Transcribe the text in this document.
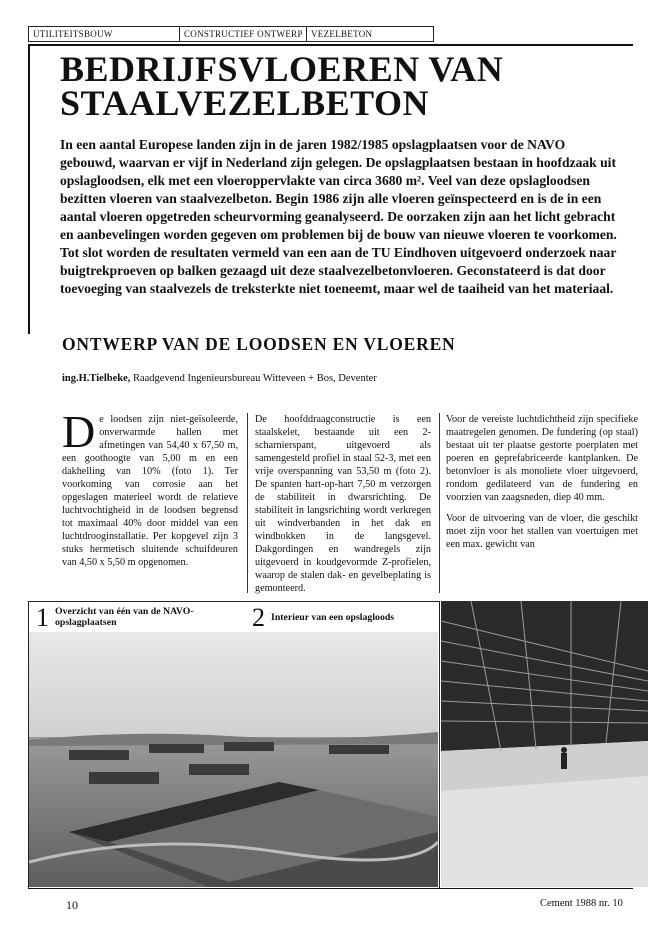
UTILITEITSBOUW	CONSTRUCTIEF ONTWERP VEZELBETON
BEDRIJFSVLOEREN VAN
STAALVEZELBETON
In een aantal Europese landen zijn in de jaren 1982/1985 opslagplaatsen voor de NAVO gebouwd, waarvan er vijf in Nederland zijn gelegen. De opslagplaatsen bestaan in hoofdzaak uit opslagloodsen, elk met een vloeroppervlakte van circa 3680 m². Veel van deze opslagloodsen bezitten vloeren van staalvezelbeton. Begin 1986 zijn alle vloeren geïnspecteerd en is de in een aantal vloeren opgetreden scheurvorming geanalyseerd. De oorzaken zijn aan het licht gebracht en aanbevelingen worden gegeven om problemen bij de bouw van nieuwe vloeren te voorkomen. Tot slot worden de resultaten vermeld van een aan de TU Eindhoven uitgevoerd onderzoek naar buigtrekproeven op balken gezaagd uit deze staalvezelbetonvloeren. Geconstateerd is dat door toevoeging van staalvezels de treksterkte niet toeneemt, maar wel de taaiheid van het materiaal.
ONTWERP VAN DE LOODSEN EN VLOEREN
ing.H.Tielbeke, Raadgevend Ingenieursbureau Witteveen + Bos, Deventer

De loodsen zijn niet-geïsoleerde, onverwarmde hallen met afmetingen van 54,40 x 67,50 m, een goothoogte van 5,00 m en een dakhelling van 10% (foto 1). Ter voorkoming van corrosie aan het opgeslagen materieel wordt de relatieve luchtvochtigheid in de loodsen begrensd tot maximaal 40% door middel van een luchtdrooginstallatie. Per kopgevel zijn 3 stuks hermetisch sluitende schuifdeuren van 4,50 x 5,50 m opgenomen.

De hoofddraagconstructie is een staalskelet, bestaande uit een 2-scharnierspant, uitgevoerd als samengesteld profiel in staal 52-3, met een vrije overspanning van 53,50 m (foto 2). De spanten hart-op-hart 7,50 m verzorgen de stabiliteit in dwarsrichting. De stabiliteit in langsrichting wordt verkregen uit windverbanden in het dak en windbokken in de langsgevel. Dakgordingen en wandregels zijn uitgevoerd in koudgevormde Z-profielen, waarop de stalen dak- en gevelbeplating is gemonteerd.

Voor de vereiste luchtdichtheid zijn specifieke maatregelen genomen. De fundering (op staal) bestaat uit ter plaatse gestorte poerplaten met poeren en geprefabriceerde kantplanken. De betonvloer is als monoliete vloer uitgevoerd, rondom gedilateerd van de fundering en voorzien van zaagsneden, diep 40 mm.

Voor de uitvoering van de vloer, die geschikt moet zijn voor het stallen van voertuigen met een max. gewicht van

1 Overzicht van één van de NAVO-opslagplaatsen	2 Interieur van een opslagloods
10	Cement 1988 nr. 10
